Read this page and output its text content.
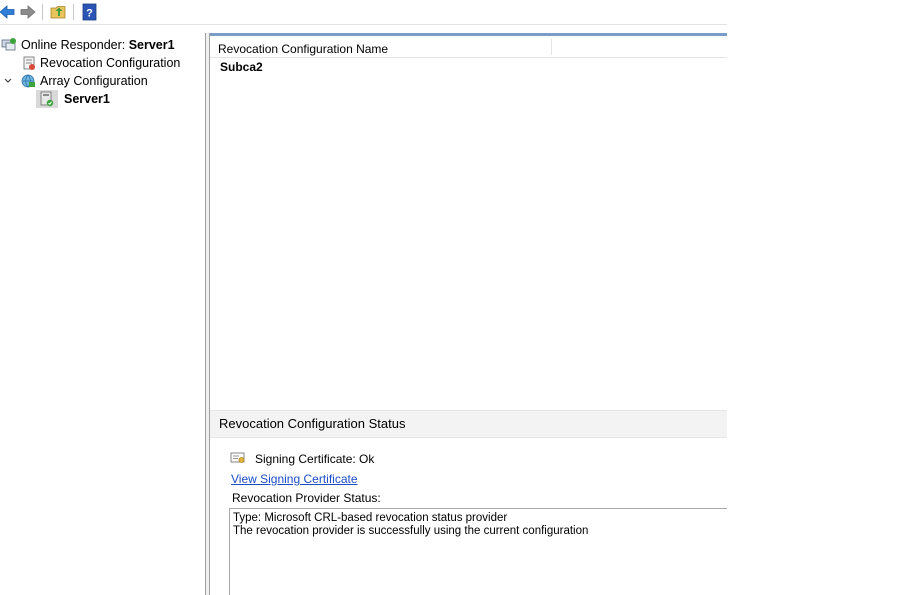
?
Online Responder: Server1
Revocation Configuration
Array Configuration
Server1
Revocation Configuration Name
Subca2
Revocation Configuration Status
Signing Certificate: Ok
View Signing Certificate
Revocation Provider Status:
Type: Microsoft CRL-based revocation status provider
The revocation provider is successfully using the current configuration
